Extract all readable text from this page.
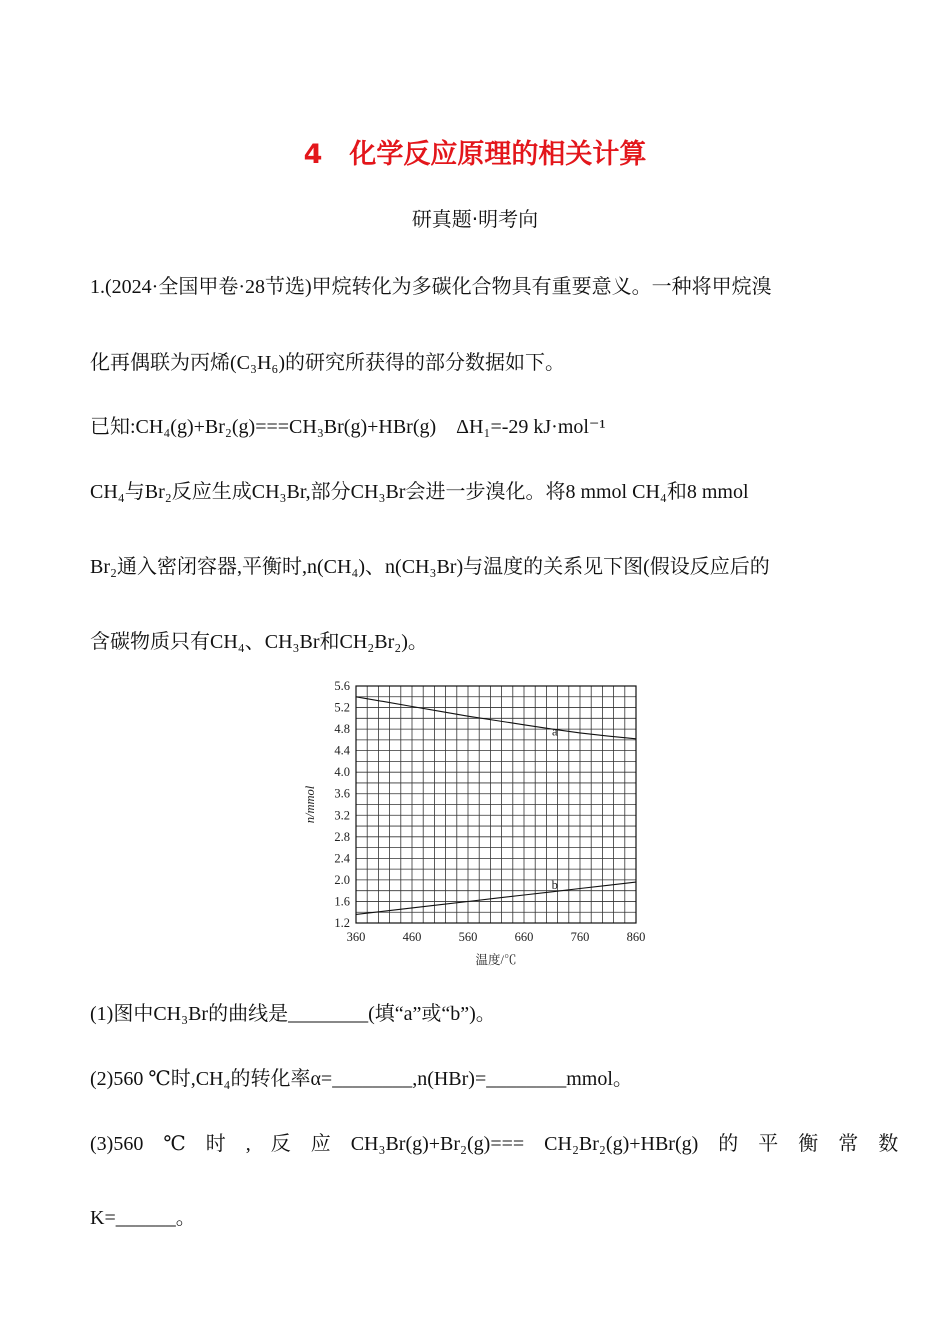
4　化学反应原理的相关计算
研真题·明考向
1.(2024·全国甲卷·28节选)甲烷转化为多碳化合物具有重要意义。一种将甲烷溴
化再偶联为丙烯(C₃H₆)的研究所获得的部分数据如下。
已知:CH₄(g)+Br₂(g)===CH₃Br(g)+HBr(g)　ΔH₁=-29 kJ·mol⁻¹
CH₄与Br₂反应生成CH₃Br,部分CH₃Br会进一步溴化。将8 mmol CH₄和8 mmol
Br₂通入密闭容器,平衡时,n(CH₄)、n(CH₃Br)与温度的关系见下图(假设反应后的
含碳物质只有CH₄、CH₃Br和CH₂Br₂)。
360	460	560	660	760	860
1.2
1.6
2.0
2.4
2.8
3.2
3.6
4.0
4.4
4.8
5.2
5.6
温度/℃
n/mmol
a
b
(1)图中CH₃Br的曲线是________(填“a”或“b”)。
(2)560 ℃时,CH₄的转化率α=________,n(HBr)=________mmol。
(3)560　℃　时　,　反　应　CH₃Br(g)+Br₂(g)===　CH₂Br₂(g)+HBr(g)　的　平　衡　常　数
K=______。
